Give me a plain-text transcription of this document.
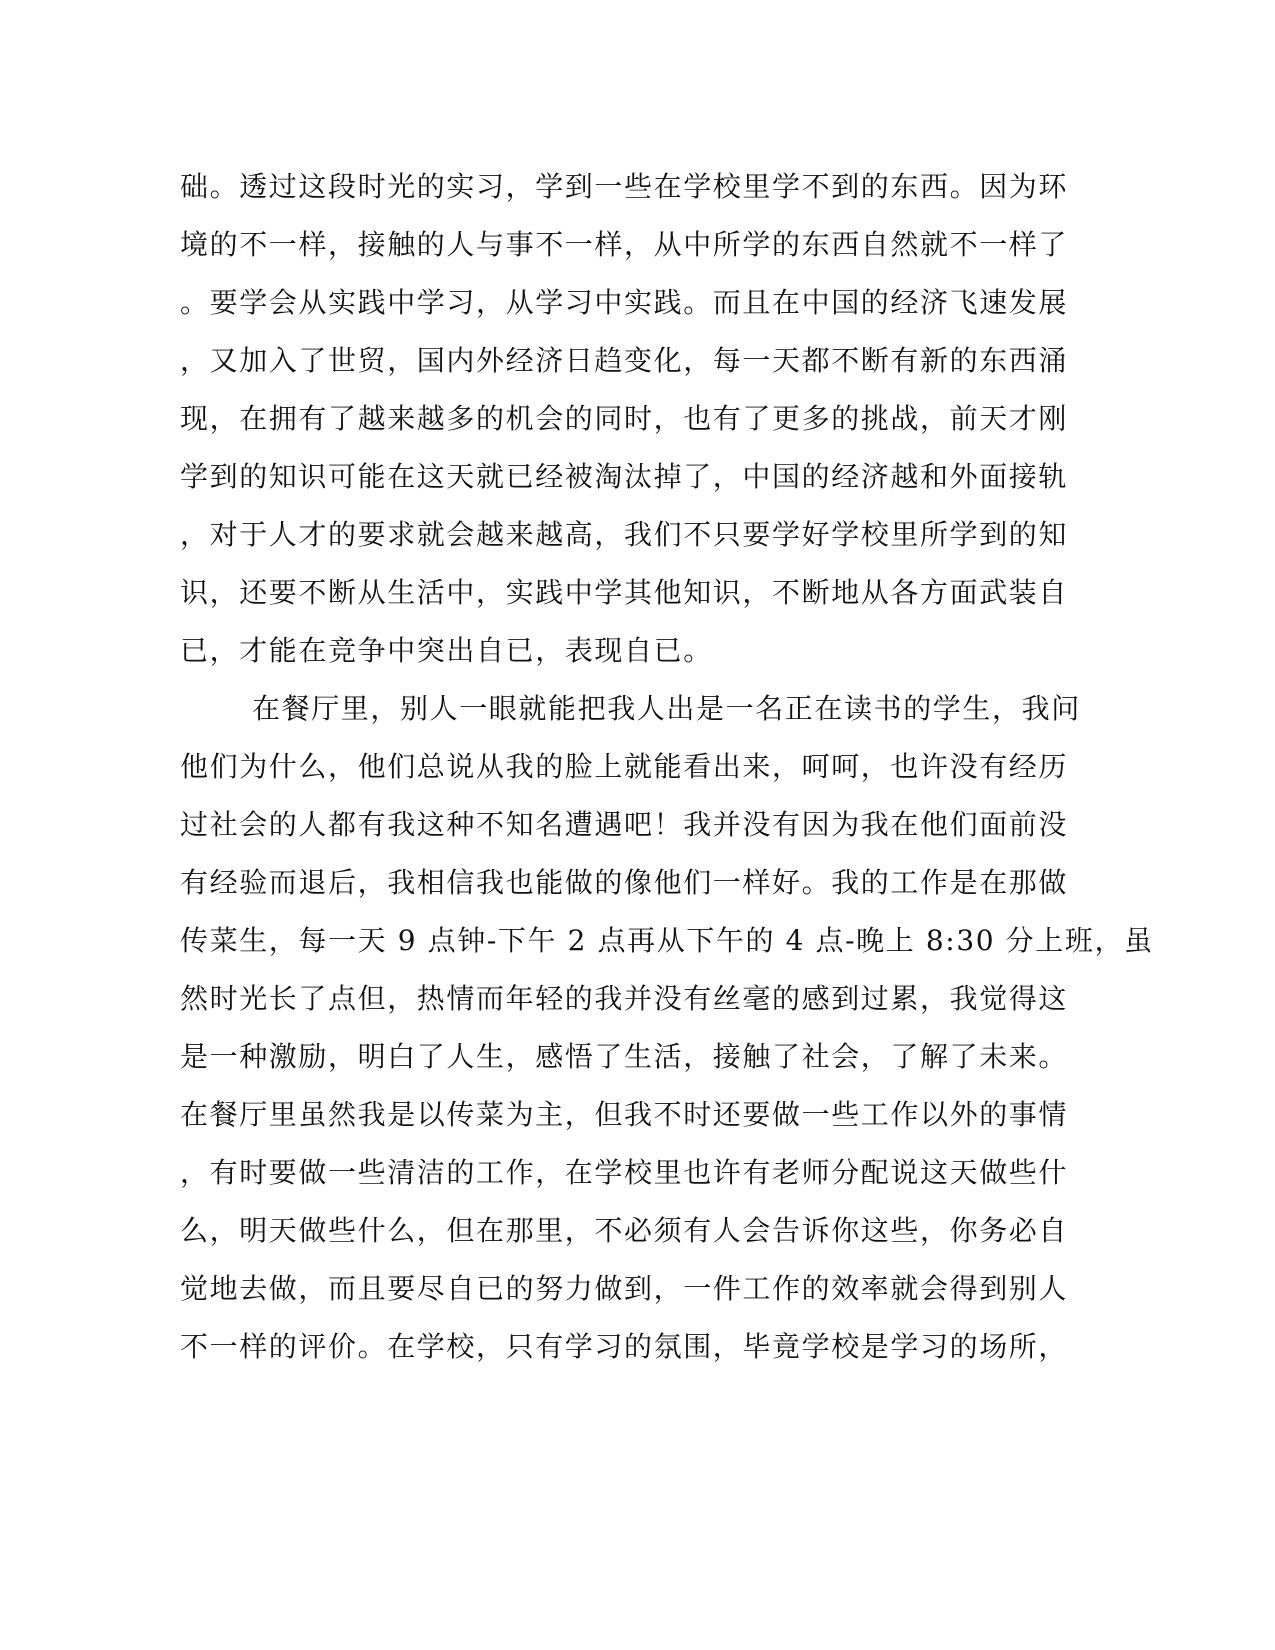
础。透过这段时光的实习，学到一些在学校里学不到的东西。因为环
境的不一样，接触的人与事不一样，从中所学的东西自然就不一样了
。要学会从实践中学习，从学习中实践。而且在中国的经济飞速发展
，又加入了世贸，国内外经济日趋变化，每一天都不断有新的东西涌
现，在拥有了越来越多的机会的同时，也有了更多的挑战，前天才刚
学到的知识可能在这天就已经被淘汰掉了，中国的经济越和外面接轨
，对于人才的要求就会越来越高，我们不只要学好学校里所学到的知
识，还要不断从生活中，实践中学其他知识，不断地从各方面武装自
已，才能在竞争中突出自已，表现自已。
在餐厅里，别人一眼就能把我人出是一名正在读书的学生，我问
他们为什么，他们总说从我的脸上就能看出来，呵呵，也许没有经历
过社会的人都有我这种不知名遭遇吧！我并没有因为我在他们面前没
有经验而退后，我相信我也能做的像他们一样好。我的工作是在那做
传菜生，每一天 9 点钟-下午 2 点再从下午的 4 点-晚上 8:30 分上班，虽
然时光长了点但，热情而年轻的我并没有丝毫的感到过累，我觉得这
是一种激励，明白了人生，感悟了生活，接触了社会，了解了未来。
在餐厅里虽然我是以传菜为主，但我不时还要做一些工作以外的事情
，有时要做一些清洁的工作，在学校里也许有老师分配说这天做些什
么，明天做些什么，但在那里，不必须有人会告诉你这些，你务必自
觉地去做，而且要尽自已的努力做到，一件工作的效率就会得到别人
不一样的评价。在学校，只有学习的氛围，毕竟学校是学习的场所，
